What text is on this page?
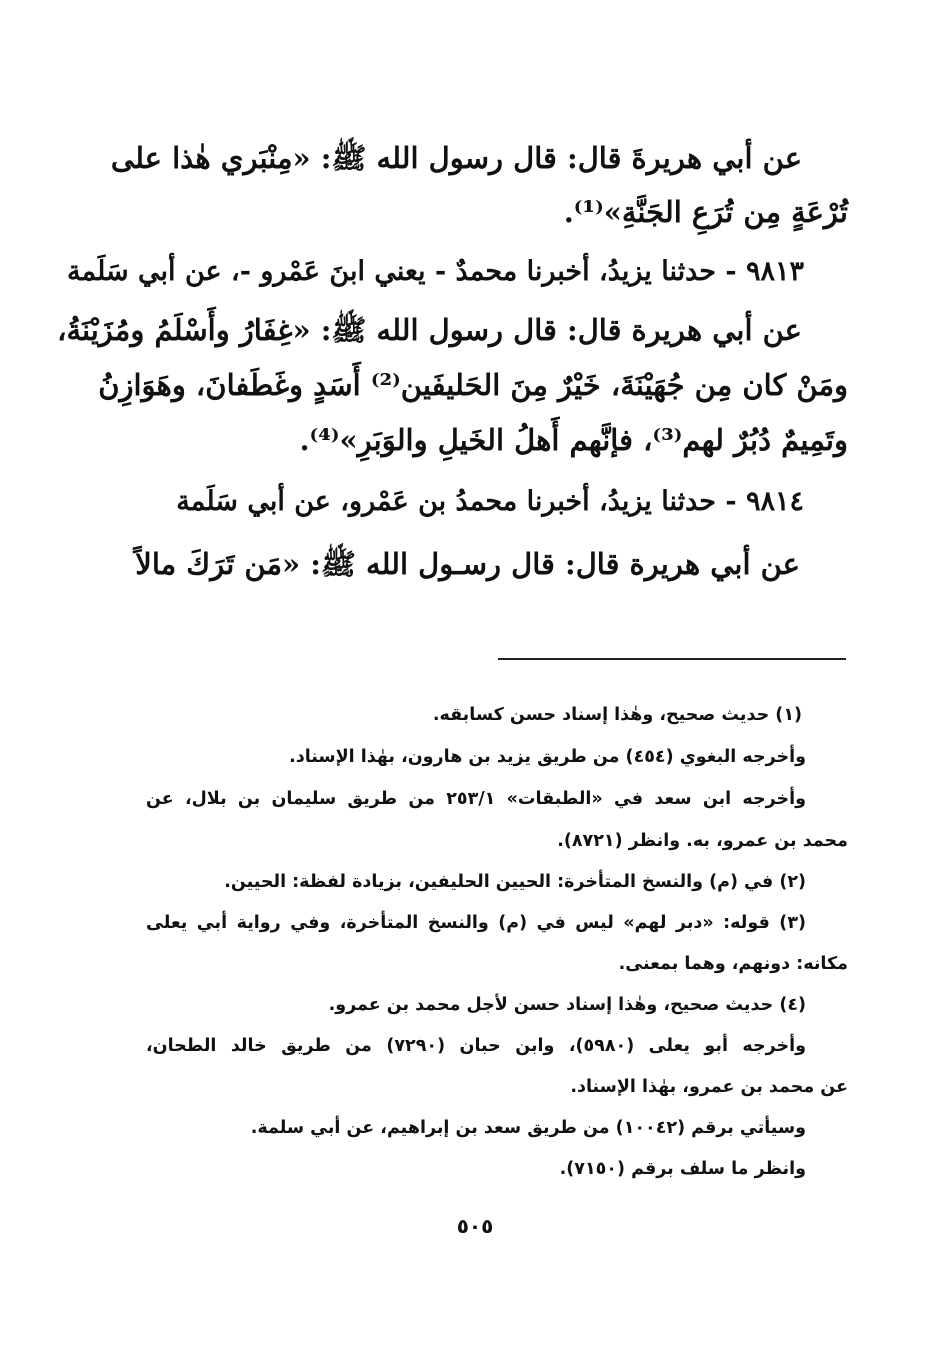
عن أبي هريرةَ قال: قال رسول الله ﷺ: «مِنْبَري هٰذا على
تُرْعَةٍ مِن تُرَعِ الجَنَّةِ»⁽¹⁾.
٩٨١٣ - حدثنا يزيدُ، أخبرنا محمدٌ - يعني ابنَ عَمْرو -، عن أبي سَلَمة
عن أبي هريرة قال: قال رسول الله ﷺ: «غِفَارُ وأَسْلَمُ ومُزَيْنَةُ،
ومَنْ كان مِن جُهَيْنَةَ، خَيْرٌ مِنَ الحَليفَين⁽²⁾ أَسَدٍ وغَطَفانَ، وهَوَازِنُ
وتَمِيمٌ دُبُرٌ لهم⁽³⁾، فإنَّهم أَهلُ الخَيلِ والوَبَرِ»⁽⁴⁾.
٩٨١٤ - حدثنا يزيدُ، أخبرنا محمدُ بن عَمْرو، عن أبي سَلَمة
عن أبي هريرة قال: قال رسـول الله ﷺ: «مَن تَرَكَ مالاً
(١) حديث صحيح، وهٰذا إسناد حسن كسابقه.
وأخرجه البغوي (٤٥٤) من طريق يزيد بن هارون، بهٰذا الإسناد.
وأخرجه ابن سعد في «الطبقات» ٢٥٣/١ من طريق سليمان بن بلال، عن
محمد بن عمرو، به. وانظر (٨٧٢١).
(٢) في (م) والنسخ المتأخرة: الحيين الحليفين، بزيادة لفظة: الحيين.
(٣) قوله: «دبر لهم» ليس في (م) والنسخ المتأخرة، وفي رواية أبي يعلى
مكانه: دونهم، وهما بمعنى.
(٤) حديث صحيح، وهٰذا إسناد حسن لأجل محمد بن عمرو.
وأخرجه أبو يعلى (٥٩٨٠)، وابن حبان (٧٢٩٠) من طريق خالد الطحان،
عن محمد بن عمرو، بهٰذا الإسناد.
وسيأتي برقم (١٠٠٤٢) من طريق سعد بن إبراهيم، عن أبي سلمة.
وانظر ما سلف برقم (٧١٥٠).
٥٠٥
